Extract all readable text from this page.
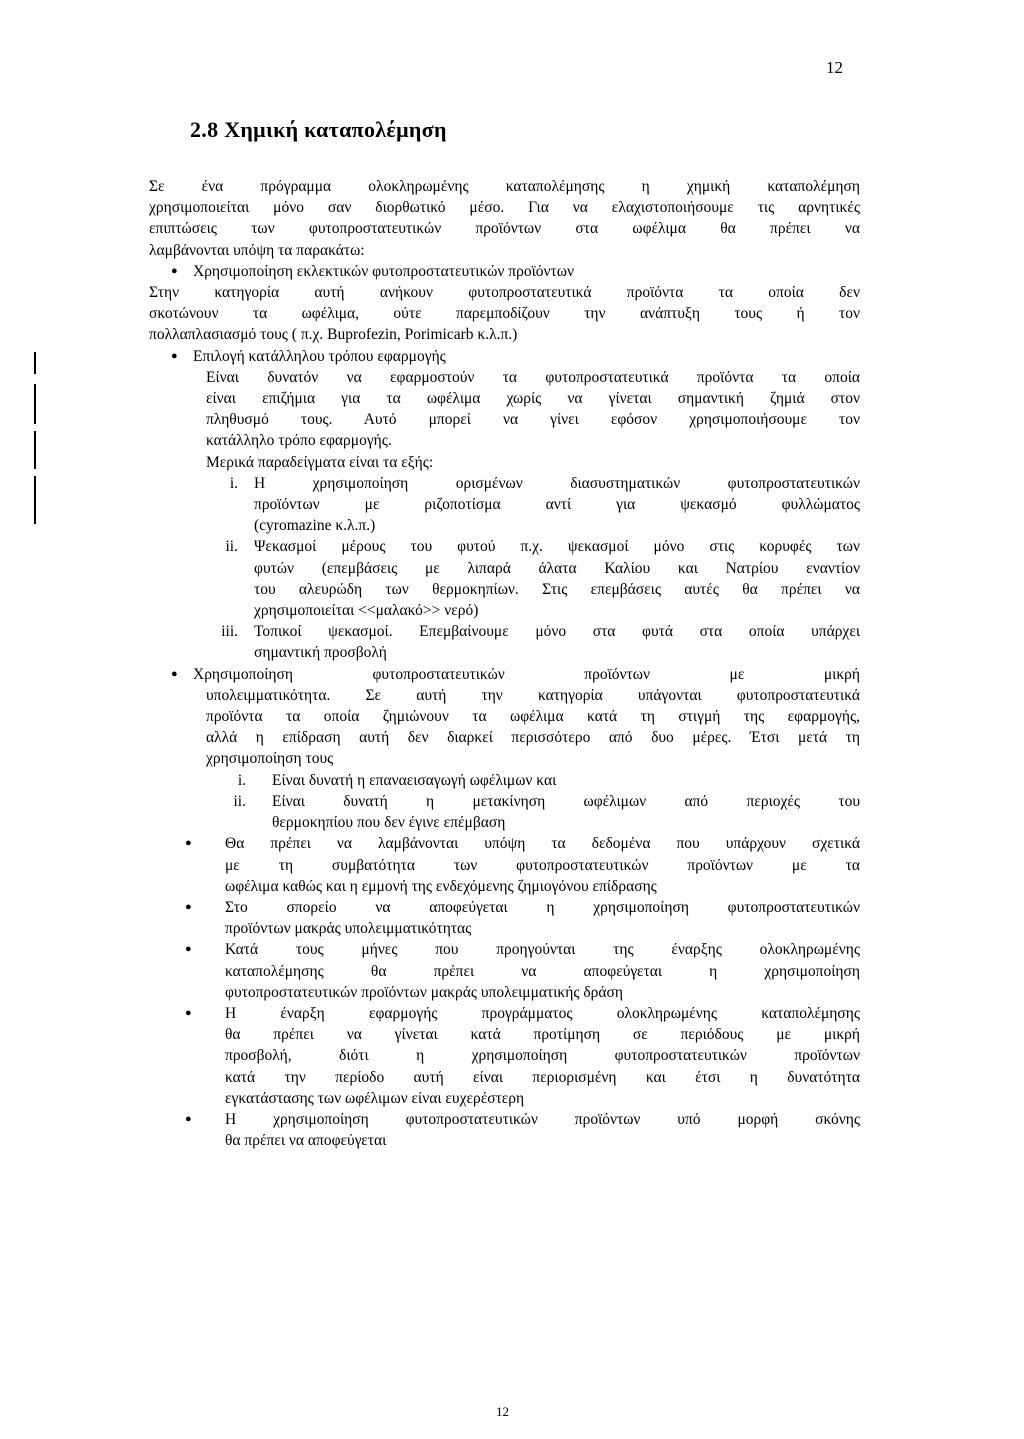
12
2.8 Χημική καταπολέμηση

Σε ένα πρόγραμμα ολοκληρωμένης καταπολέμησης η χημική καταπολέμηση

χρησιμοποιείται μόνο σαν διορθωτικό μέσο. Για να ελαχιστοποιήσουμε τις αρνητικές

επιπτώσεις των φυτοπροστατευτικών προϊόντων στα ωφέλιμα θα πρέπει να

λαμβάνονται υπόψη τα παρακάτω:

● Χρησιμοποίηση εκλεκτικών φυτοπροστατευτικών προϊόντων

Στην κατηγορία αυτή ανήκουν φυτοπροστατευτικά προϊόντα τα οποία δεν

σκοτώνουν τα ωφέλιμα, ούτε παρεμποδίζουν την ανάπτυξη τους ή τον

πολλαπλασιασμό τους ( π.χ. Buprofezin, Porimicarb κ.λ.π.)

● Επιλογή κατάλληλου τρόπου εφαρμογής

Είναι δυνατόν να εφαρμοστούν τα φυτοπροστατευτικά προϊόντα τα οποία

είναι επιζήμια για τα ωφέλιμα χωρίς να γίνεται σημαντική ζημιά στον

πληθυσμό τους. Αυτό μπορεί να γίνει εφόσον χρησιμοποιήσουμε τον

κατάλληλο τρόπο εφαρμογής.

Μερικά παραδείγματα είναι τα εξής:

i.	Η χρησιμοποίηση ορισμένων διασυστηματικών φυτοπροστατευτικών

προϊόντων με ριζοποτίσμα αντί για ψεκασμό φυλλώματος

(cyromazine κ.λ.π.)

ii.	Ψεκασμοί μέρους του φυτού π.χ. ψεκασμοί μόνο στις κορυφές των

φυτών (επεμβάσεις με λιπαρά άλατα Καλίου και Νατρίου εναντίον

του αλευρώδη των θερμοκηπίων. Στις επεμβάσεις αυτές θα πρέπει να

χρησιμοποιείται <<μαλακό>> νερό)

iii.	Τοπικοί ψεκασμοί. Επεμβαίνουμε μόνο στα φυτά στα οποία υπάρχει

σημαντική προσβολή

● Χρησιμοποίηση φυτοπροστατευτικών προϊόντων με μικρή

υπολειμματικότητα. Σε αυτή την κατηγορία υπάγονται φυτοπροστατευτικά

προϊόντα τα οποία ζημιώνουν τα ωφέλιμα κατά τη στιγμή της εφαρμογής,

αλλά η επίδραση αυτή δεν διαρκεί περισσότερο από δυο μέρες. Έτσι μετά τη

χρησιμοποίηση τους

i.	Είναι δυνατή η επαναεισαγωγή ωφέλιμων και

ii.	Είναι δυνατή η μετακίνηση ωφέλιμων από περιοχές του

θερμοκηπίου που δεν έγινε επέμβαση

●	Θα πρέπει να λαμβάνονται υπόψη τα δεδομένα που υπάρχουν σχετικά

με τη συμβατότητα των φυτοπροστατευτικών προϊόντων με τα

ωφέλιμα καθώς και η εμμονή της ενδεχόμενης ζημιογόνου επίδρασης

●	Στο σπορείο να αποφεύγεται η χρησιμοποίηση φυτοπροστατευτικών

προϊόντων μακράς υπολειμματικότητας

●	Κατά τους μήνες που προηγούνται της έναρξης ολοκληρωμένης

καταπολέμησης θα πρέπει να αποφεύγεται η χρησιμοποίηση

φυτοπροστατευτικών προϊόντων μακράς υπολειμματικής δράση

●	Η έναρξη εφαρμογής προγράμματος ολοκληρωμένης καταπολέμησης

θα πρέπει να γίνεται κατά προτίμηση σε περιόδους με μικρή

προσβολή, διότι η χρησιμοποίηση φυτοπροστατευτικών προϊόντων

κατά την περίοδο αυτή είναι περιορισμένη και έτσι η δυνατότητα

εγκατάστασης των ωφέλιμων είναι ευχερέστερη

●	Η χρησιμοποίηση φυτοπροστατευτικών προϊόντων υπό μορφή σκόνης

θα πρέπει να αποφεύγεται

12
